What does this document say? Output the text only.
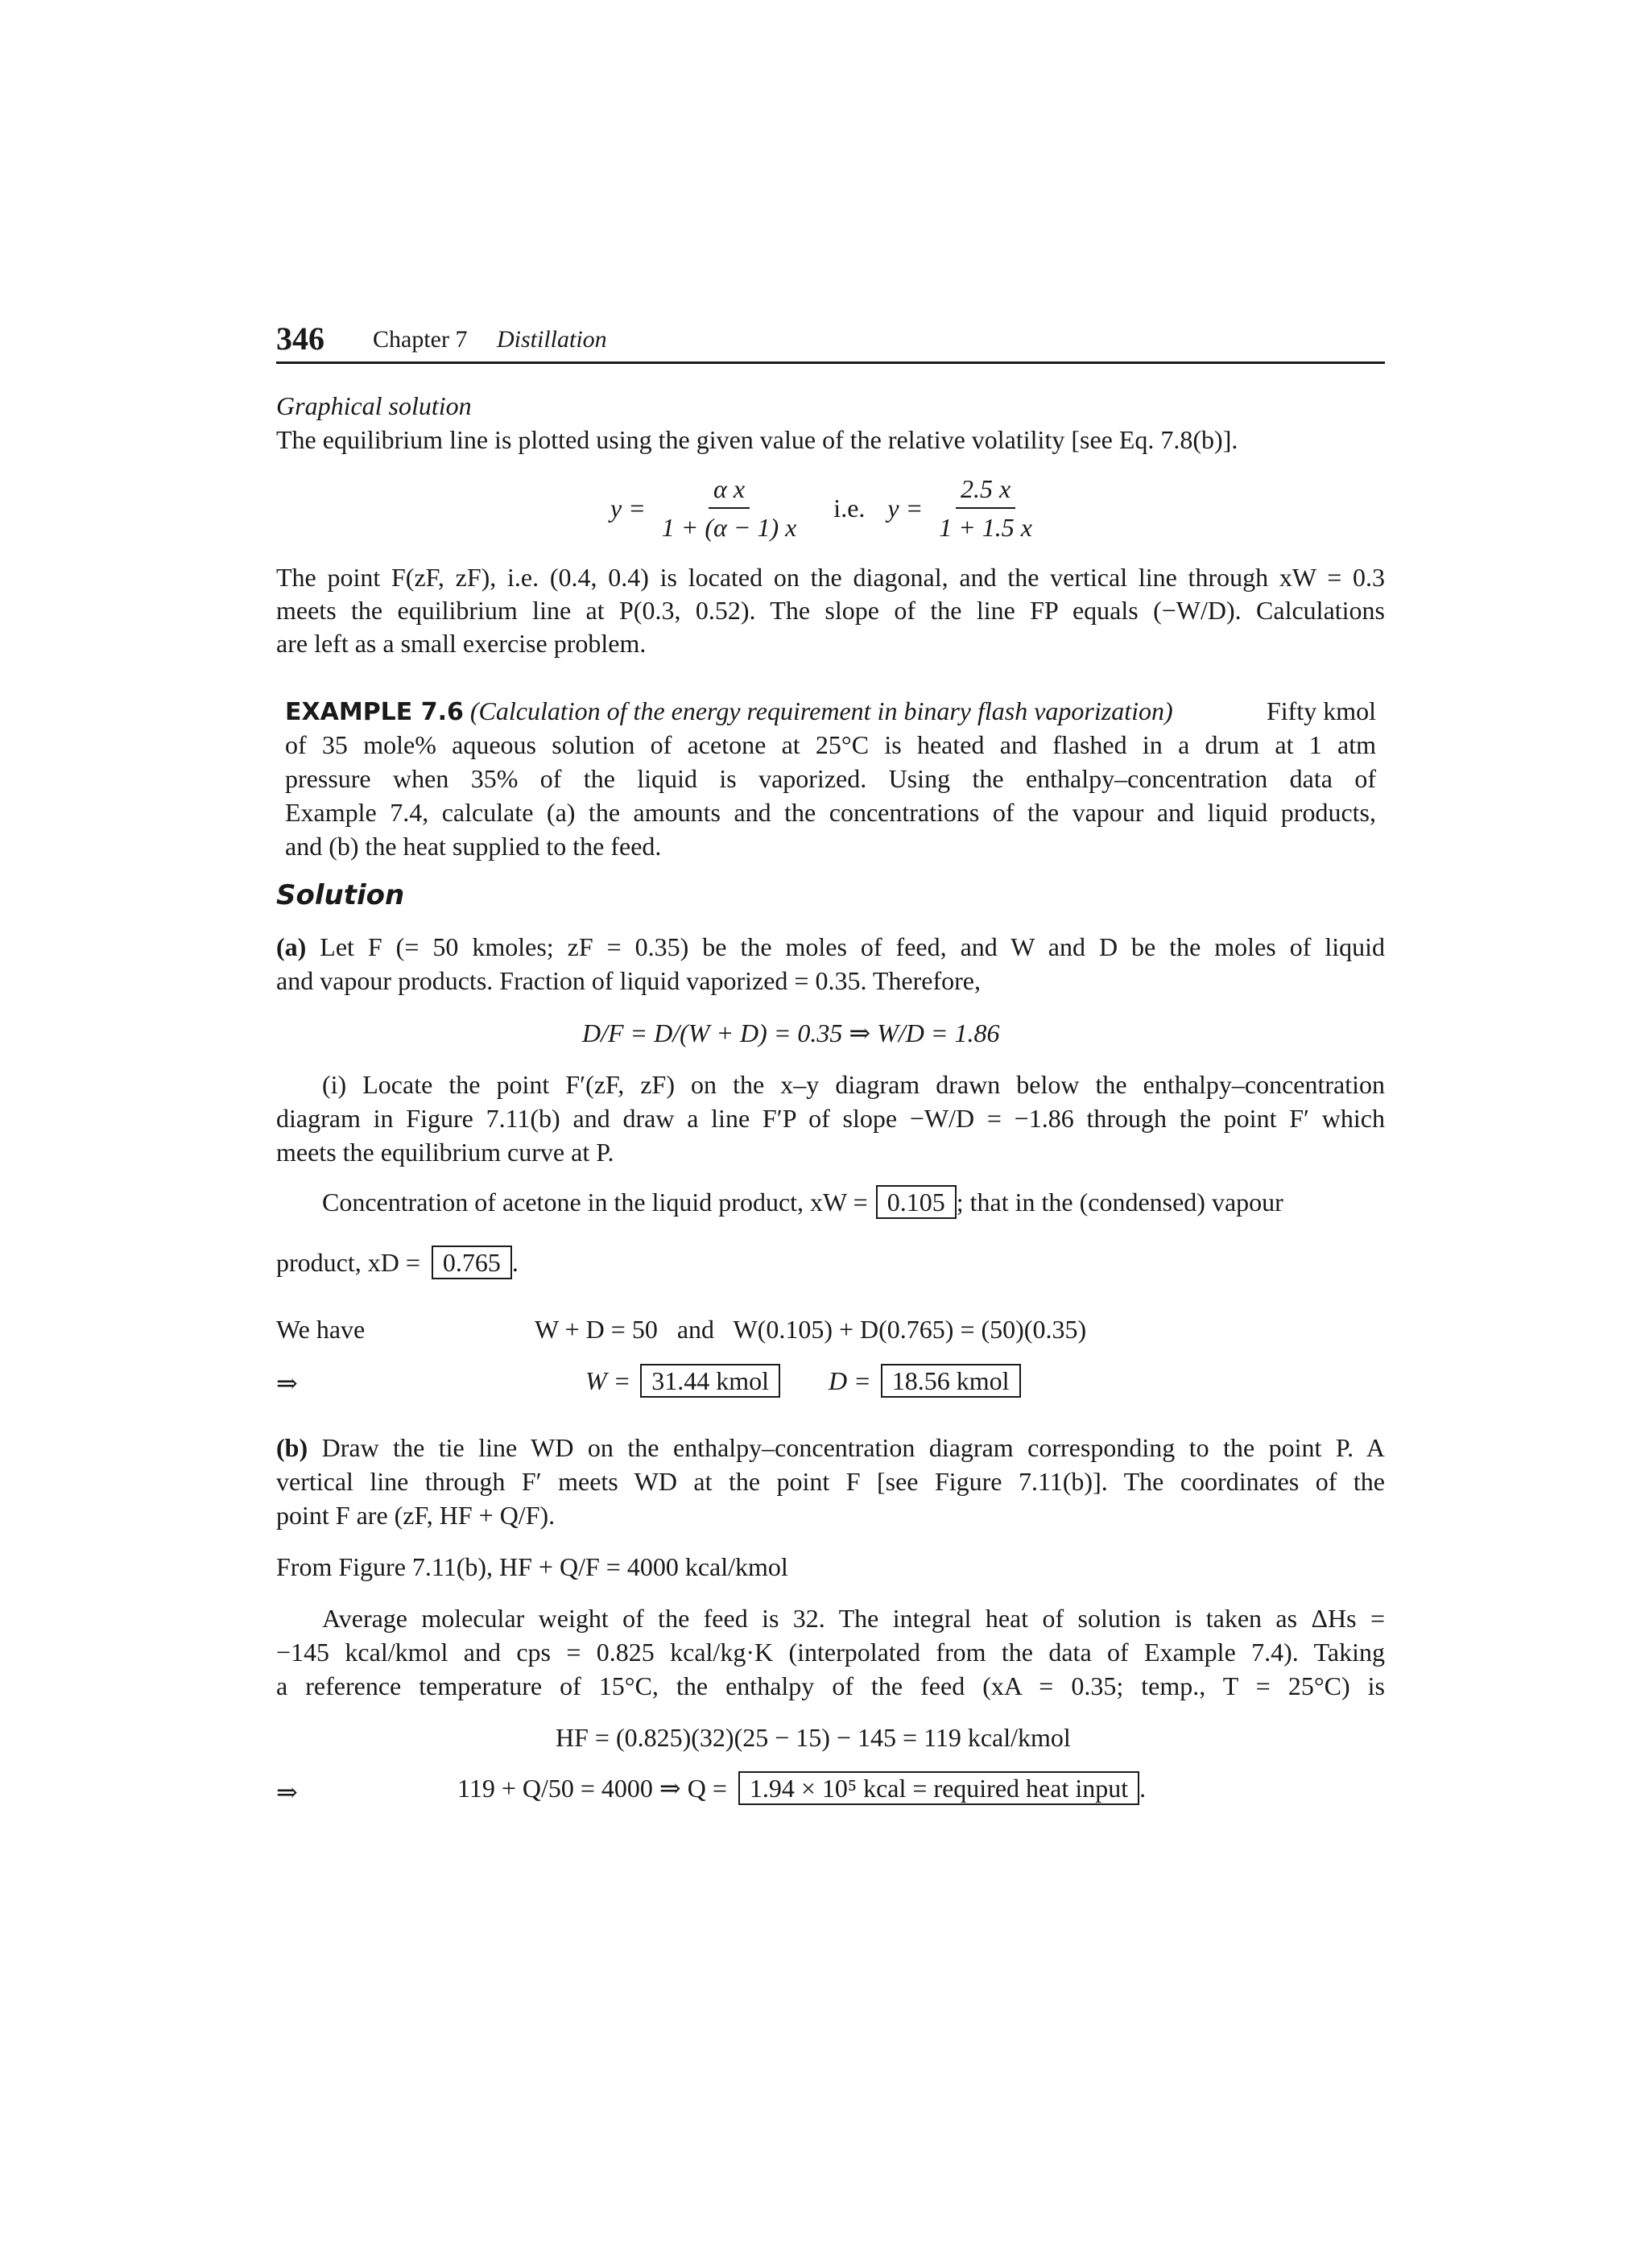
346 Chapter 7 Distillation
Graphical solution
The equilibrium line is plotted using the given value of the relative volatility [see Eq. 7.8(b)].
$y = \frac{\text{α x}}{1 + (\alpha - 1) x} i.e$. $y = \frac{2.5 x}{1 + 1.5 x}$
The point F(zF, zF), i.e. (0.4, 0.4) is located on the diagonal, and the vertical line through xW = 0.3
meets the equilibrium line at P(0.3, 0.52). The slope of the line FP equals (−W/D). Calculations
are left as a small exercise problem.
EXAMPLE 7.6 (Calculation of the energy requirement in binary flash vaporization)	Fifty kmol
of 35 mole% aqueous solution of acetone at 25°C is heated and flashed in a drum at 1 atm
pressure when 35% of the liquid is vaporized. Using the enthalpy–concentration data of
Example 7.4, calculate (a) the amounts and the concentrations of the vapour and liquid products,
and (b) the heat supplied to the feed.
Solution
(a) Let F (= 50 kmoles; zF = 0.35) be the moles of feed, and W and D be the moles of liquid
and vapour products. Fraction of liquid vaporized = 0.35. Therefore,
D/F = D/(W + D) = 0.35 ⇒ W/D = 1.86
(i) Locate the point F′(zF, zF) on the x–y diagram drawn below the enthalpy–concentration
diagram in Figure 7.11(b) and draw a line F′P of slope −W/D = −1.86 through the point F′ which
meets the equilibrium curve at P.
Concentration of acetone in the liquid product, xW = 0.105 ; that in the (condensed) vapour
product, xD = 0.765 .
We have	W + D = 50   and   W(0.105) + D(0.765) = (50)(0.35)
⇒	W = 31.44 kmol	D = 18.56 kmol
(b) Draw the tie line WD on the enthalpy–concentration diagram corresponding to the point P. A
vertical line through F′ meets WD at the point F [see Figure 7.11(b)]. The coordinates of the
point F are (zF, HF + Q/F).
From Figure 7.11(b), HF + Q/F = 4000 kcal/kmol
Average molecular weight of the feed is 32. The integral heat of solution is taken as ΔHs =
−145 kcal/kmol and cps = 0.825 kcal/kg·K (interpolated from the data of Example 7.4). Taking
a reference temperature of 15°C, the enthalpy of the feed (xA = 0.35; temp., T = 25°C) is
HF = (0.825)(32)(25 − 15) − 145 = 119 kcal/kmol
⇒	119 + Q/50 = 4000 ⇒ Q = 1.94 × 10⁵ kcal = required heat input .
